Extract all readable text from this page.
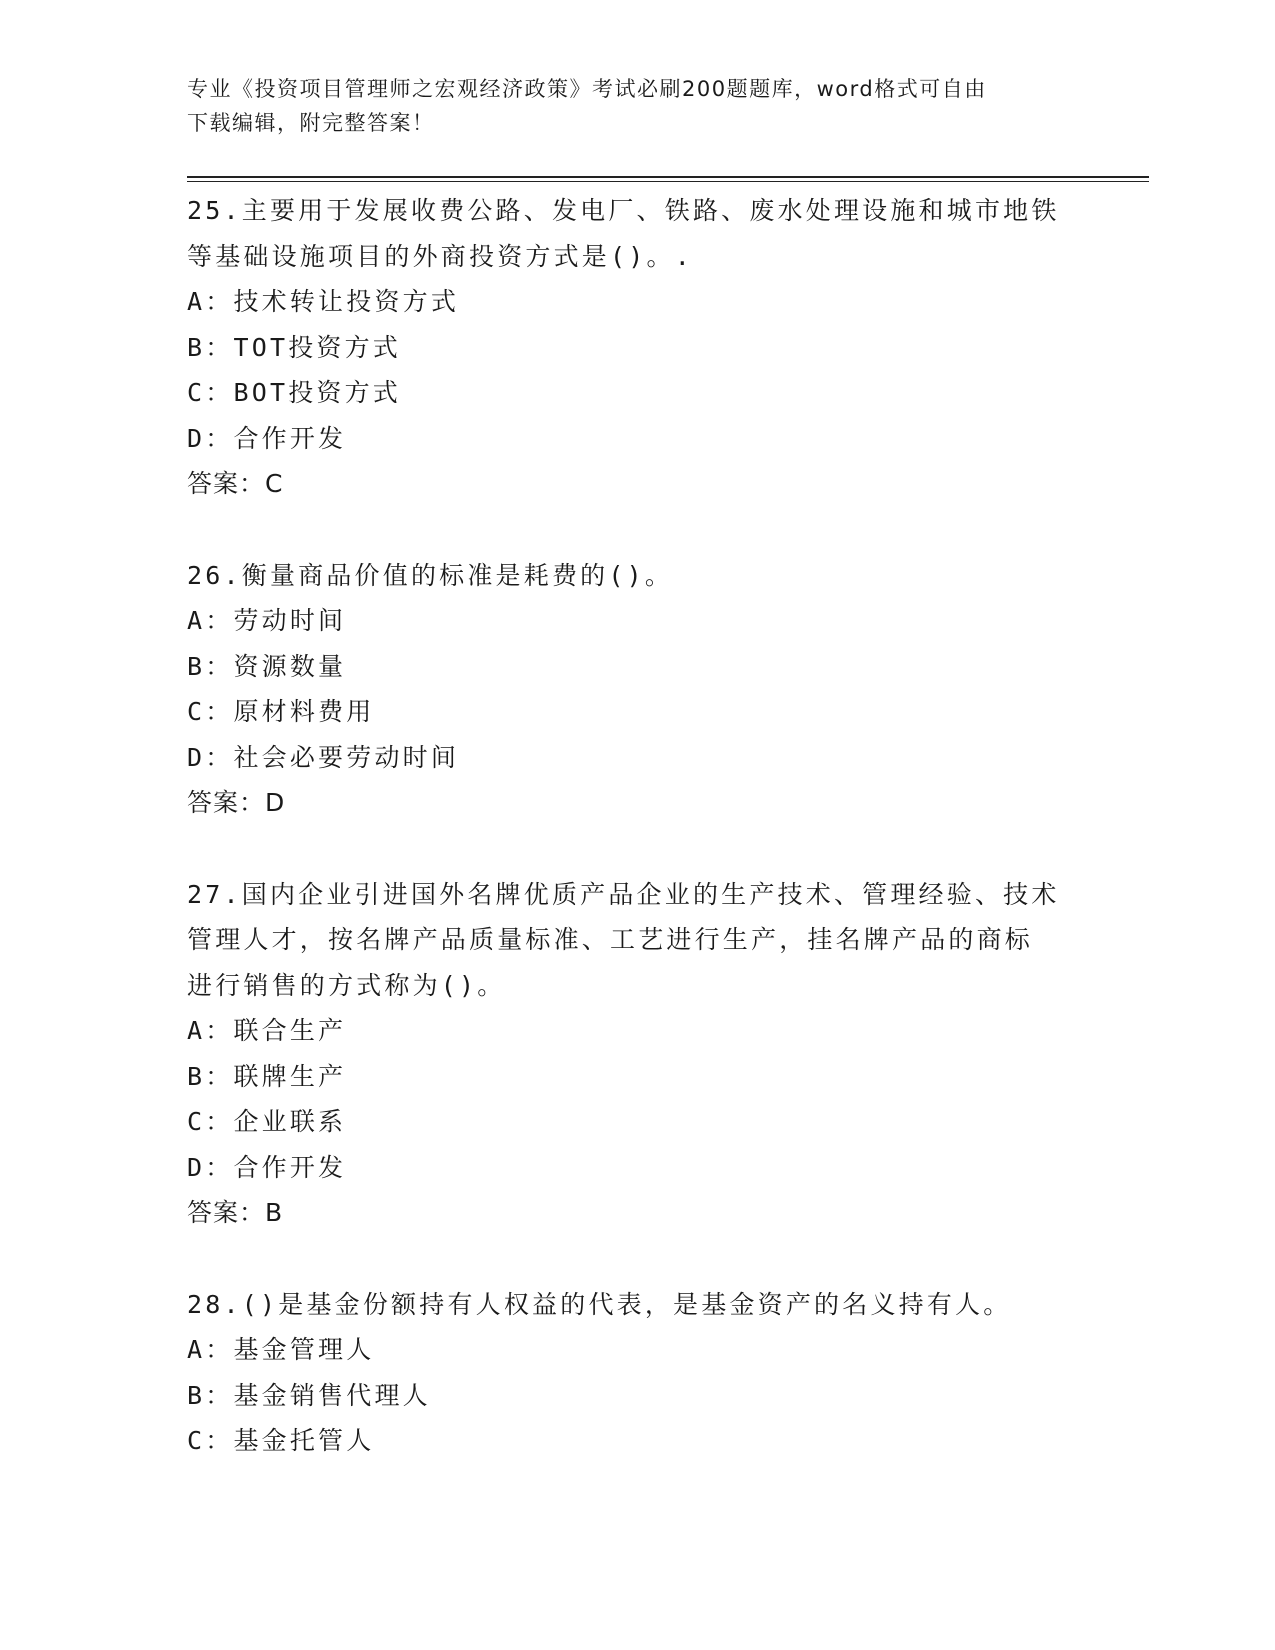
专业《投资项目管理师之宏观经济政策》考试必刷200题题库，word格式可自由
下载编辑，附完整答案！
25.主要用于发展收费公路、发电厂、铁路、废水处理设施和城市地铁
等基础设施项目的外商投资方式是()。.
A：技术转让投资方式
B：TOT投资方式
C：BOT投资方式
D：合作开发
答案：C
26.衡量商品价值的标准是耗费的()。
A：劳动时间
B：资源数量
C：原材料费用
D：社会必要劳动时间
答案：D
27.国内企业引进国外名牌优质产品企业的生产技术、管理经验、技术
管理人才，按名牌产品质量标准、工艺进行生产，挂名牌产品的商标
进行销售的方式称为()。
A：联合生产
B：联牌生产
C：企业联系
D：合作开发
答案：B
28.()是基金份额持有人权益的代表，是基金资产的名义持有人。
A：基金管理人
B：基金销售代理人
C：基金托管人
